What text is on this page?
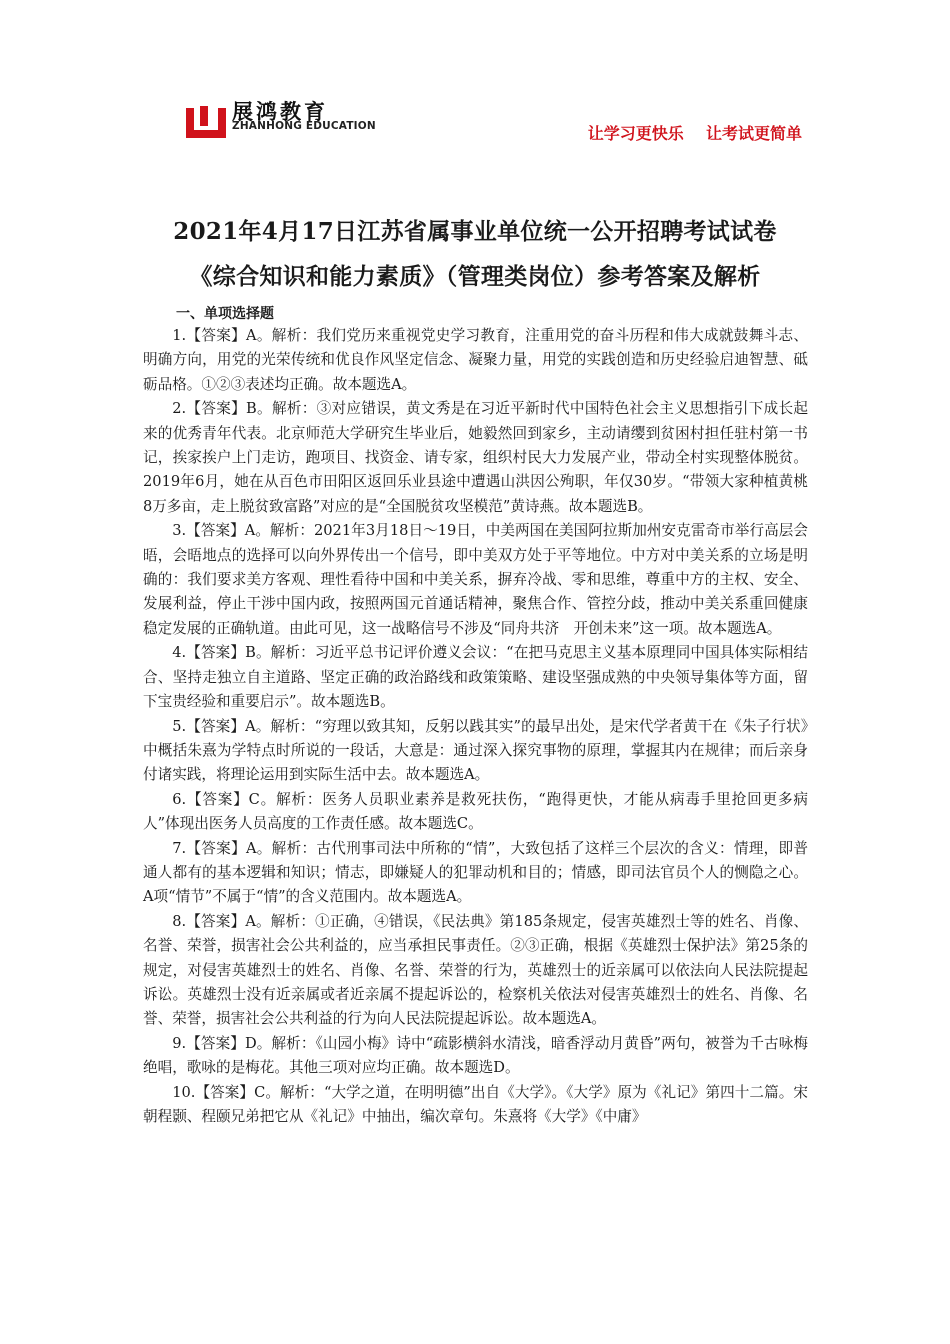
展鸿教育
ZHANHONG EDUCATION	让学习更快乐    让考试更简单
2021年4月17日江苏省属事业单位统一公开招聘考试试卷
《综合知识和能力素质》（管理类岗位）参考答案及解析
一、单项选择题

1.【答案】A。解析：我们党历来重视党史学习教育，注重用党的奋斗历程和伟大成就鼓舞斗志、明确方向，用党的光荣传统和优良作风坚定信念、凝聚力量，用党的实践创造和历史经验启迪智慧、砥砺品格。①②③表述均正确。故本题选A。

2.【答案】B。解析：③对应错误，黄文秀是在习近平新时代中国特色社会主义思想指引下成长起来的优秀青年代表。北京师范大学研究生毕业后，她毅然回到家乡，主动请缨到贫困村担任驻村第一书记，挨家挨户上门走访，跑项目、找资金、请专家，组织村民大力发展产业，带动全村实现整体脱贫。2019年6月，她在从百色市田阳区返回乐业县途中遭遇山洪因公殉职，年仅30岁。“带领大家种植黄桃8万多亩，走上脱贫致富路”对应的是“全国脱贫攻坚模范”黄诗燕。故本题选B。

3.【答案】A。解析：2021年3月18日～19日，中美两国在美国阿拉斯加州安克雷奇市举行高层会晤，会晤地点的选择可以向外界传出一个信号，即中美双方处于平等地位。中方对中美关系的立场是明确的：我们要求美方客观、理性看待中国和中美关系，摒弃冷战、零和思维，尊重中方的主权、安全、发展利益，停止干涉中国内政，按照两国元首通话精神，聚焦合作、管控分歧，推动中美关系重回健康稳定发展的正确轨道。由此可见，这一战略信号不涉及“同舟共济　开创未来”这一项。故本题选A。

4.【答案】B。解析：习近平总书记评价遵义会议：“在把马克思主义基本原理同中国具体实际相结合、坚持走独立自主道路、坚定正确的政治路线和政策策略、建设坚强成熟的中央领导集体等方面，留下宝贵经验和重要启示”。故本题选B。

5.【答案】A。解析：“穷理以致其知，反躬以践其实”的最早出处，是宋代学者黄干在《朱子行状》中概括朱熹为学特点时所说的一段话，大意是：通过深入探究事物的原理，掌握其内在规律；而后亲身付诸实践，将理论运用到实际生活中去。故本题选A。

6.【答案】C。解析：医务人员职业素养是救死扶伤，“跑得更快，才能从病毒手里抢回更多病人”体现出医务人员高度的工作责任感。故本题选C。

7.【答案】A。解析：古代刑事司法中所称的“情”，大致包括了这样三个层次的含义：情理，即普通人都有的基本逻辑和知识；情志，即嫌疑人的犯罪动机和目的；情感，即司法官员个人的恻隐之心。A项“情节”不属于“情”的含义范围内。故本题选A。

8.【答案】A。解析：①正确，④错误，《民法典》第185条规定，侵害英雄烈士等的姓名、肖像、名誉、荣誉，损害社会公共利益的，应当承担民事责任。②③正确，根据《英雄烈士保护法》第25条的规定，对侵害英雄烈士的姓名、肖像、名誉、荣誉的行为，英雄烈士的近亲属可以依法向人民法院提起诉讼。英雄烈士没有近亲属或者近亲属不提起诉讼的，检察机关依法对侵害英雄烈士的姓名、肖像、名誉、荣誉，损害社会公共利益的行为向人民法院提起诉讼。故本题选A。

9.【答案】D。解析：《山园小梅》诗中“疏影横斜水清浅，暗香浮动月黄昏”两句，被誉为千古咏梅绝唱，歌咏的是梅花。其他三项对应均正确。故本题选D。

10.【答案】C。解析：“大学之道，在明明德”出自《大学》。《大学》原为《礼记》第四十二篇。宋朝程颢、程颐兄弟把它从《礼记》中抽出，编次章句。朱熹将《大学》《中庸》
